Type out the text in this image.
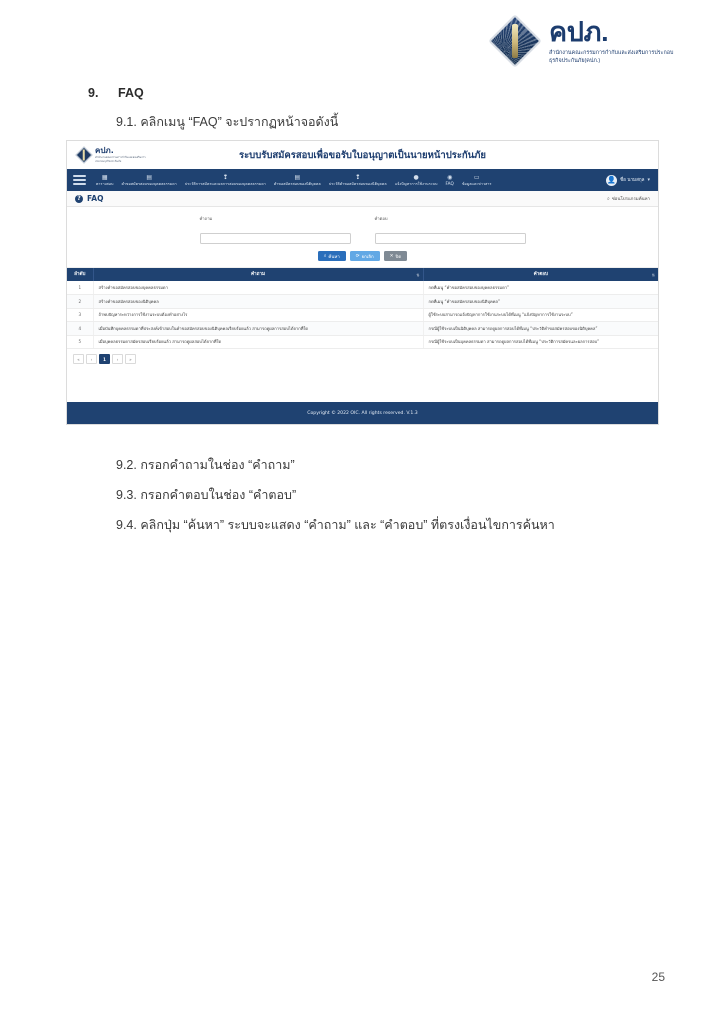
คปภ.
สำนักงานคณะกรรมการกำกับและส่งเสริมการประกอบธุรกิจประกันภัย(คปภ.)
9. FAQ
9.1. คลิกเมนู “FAQ” จะปรากฏหน้าจอดังนี้
9.2. กรอกคำถามในช่อง “คำถาม”
9.3. กรอกคำตอบในช่อง “คำตอบ”
9.4. คลิกปุ่ม “ค้นหา” ระบบจะแสดง “คำถาม” และ “คำตอบ” ที่ตรงเงื่อนไขการค้นหา
25
คปภ.
สำนักงานคณะกรรมการกำกับและส่งเสริมการประกอบธุรกิจประกันภัย
ระบบรับสมัครสอบเพื่อขอรับใบอนุญาตเป็นนายหน้าประกันภัย
▦
ตารางสอบ
▤
คำขอสมัครสอบของบุคคลธรรมดา
❢
ประวัติการสมัครและผลการสอบของบุคคลธรรมดา
▤
คำขอสมัครสอบของนิติบุคคล
❢
ประวัติคำขอสมัครสอบของนิติบุคคล
●
แจ้งปัญหาการใช้งานระบบ
◉
FAQ
▭
ข้อมูลและข่าวสาร	👤 ชื่อ นามสกุล ▾
? FAQ	⌕ ซ่อนโปรแกรมค้นหา
คำถาม	คำตอบ
⌕ ค้นหา	⟳ ยกเลิก	✕ ปิด
ลำดับ	คำถาม ⇅	คำตอบ ⇅

1	สร้างคำขอสมัครสอบของบุคคลธรรมดา	กดที่เมนู “คำขอสมัครสอบของบุคคลธรรมดา”
2	สร้างคำขอสมัครสอบของนิติบุคคล	กดที่เมนู “คำขอสมัครสอบของนิติบุคคล”
3	ถ้าพบปัญหาระหว่างการใช้งานระบบต้องทำอย่างไร	ผู้ใช้ระบบสามารถแจ้งปัญหาการใช้งานระบบได้ที่เมนู “แจ้งปัญหาการใช้งานระบบ”
4	เมื่อบันทึกบุคคลธรรมดาที่ประสงค์เข้าสอบในคำขอสมัครสอบของนิติบุคคลเรียบร้อยแล้ว สามารถดูผลการสอบได้จากที่ใด	กรณีผู้ใช้ระบบเป็นนิติบุคคล สามารถดูผลการสอบได้ที่เมนู “ประวัติคำขอสมัครสอบของนิติบุคคล”
5	เมื่อบุคคลธรรมดาสมัครสอบเรียบร้อยแล้ว สามารถดูผลสอบได้จากที่ใด	กรณีผู้ใช้ระบบเป็นบุคคลธรรมดา สามารถดูผลการสอบได้ที่เมนู “ประวัติการสมัครและผลการสอบ”
«	‹	1	›	»
Copyright © 2022 OIC. All rights reserved. V.1.3
